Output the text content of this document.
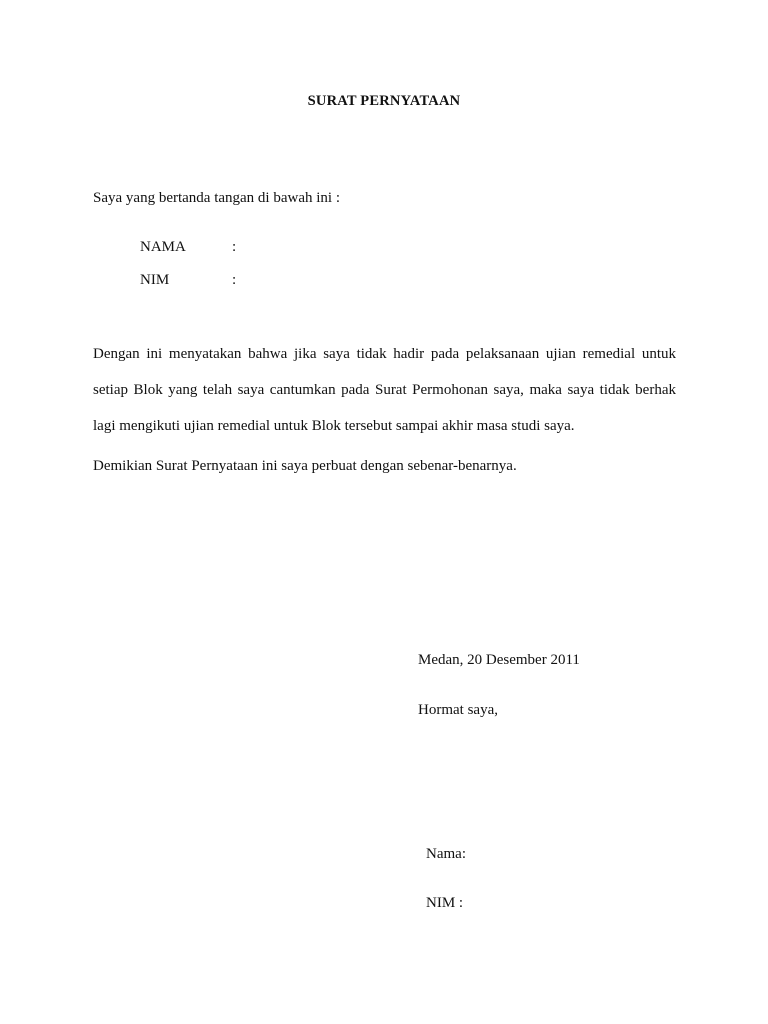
SURAT PERNYATAAN
Saya yang bertanda tangan di bawah ini :
NAMA	:
NIM	:
Dengan ini menyatakan bahwa jika saya tidak hadir pada pelaksanaan ujian remedial untuk
setiap Blok yang telah saya cantumkan pada Surat Permohonan saya, maka saya tidak berhak
lagi mengikuti ujian remedial untuk Blok tersebut sampai akhir masa studi saya.
Demikian Surat Pernyataan ini saya perbuat dengan sebenar-benarnya.
Medan, 20 Desember 2011
Hormat saya,
Nama:
NIM :
